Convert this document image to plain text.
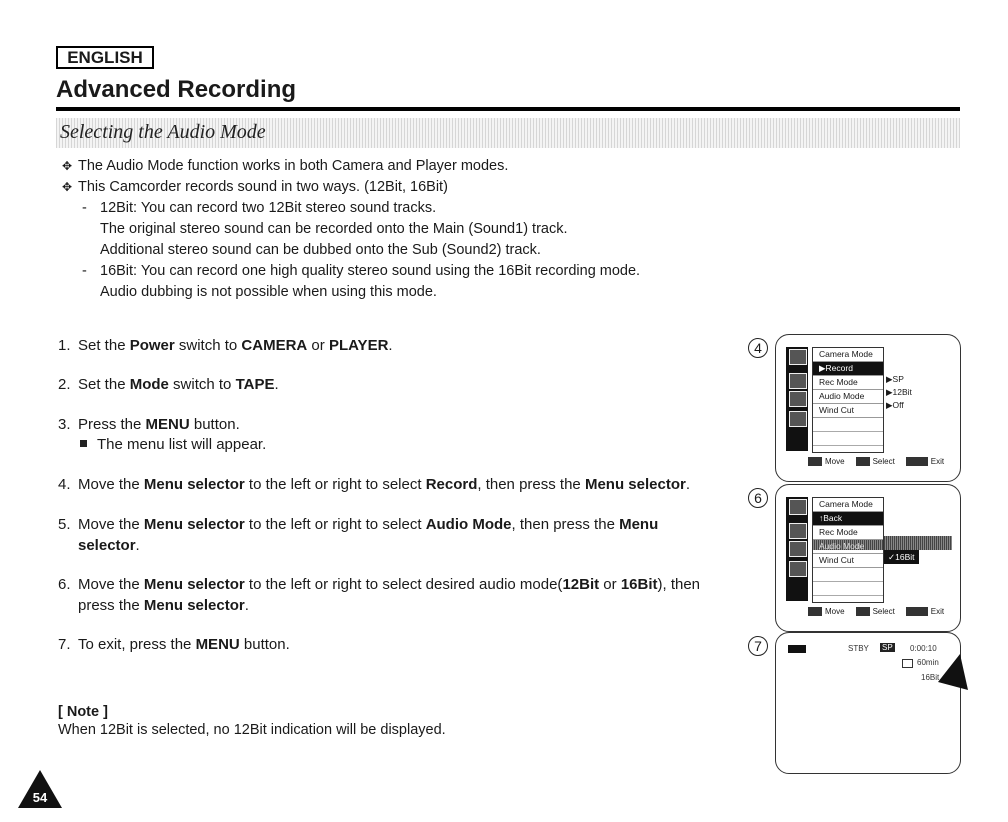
ENGLISH
Advanced Recording
Selecting the Audio Mode
✥ The Audio Mode function works in both Camera and Player modes.
✥ This Camcorder records sound in two ways. (12Bit, 16Bit)
- 12Bit: You can record two 12Bit stereo sound tracks.
The original stereo sound can be recorded onto the Main (Sound1) track.
Additional stereo sound can be dubbed onto the Sub (Sound2) track.
- 16Bit: You can record one high quality stereo sound using the 16Bit recording mode.
Audio dubbing is not possible when using this mode.
1. Set the Power switch to CAMERA or PLAYER.
2. Set the Mode switch to TAPE.
3. Press the MENU button.
The menu list will appear.
4. Move the Menu selector to the left or right to select Record, then press the Menu selector.
5. Move the Menu selector to the left or right to select Audio Mode, then press the Menu
selector.
6. Move the Menu selector to the left or right to select desired audio mode(12Bit or 16Bit), then
press the Menu selector.
7. To exit, press the MENU button.
[ Note ]
When 12Bit is selected, no 12Bit indication will be displayed.
54
4	Camera Mode
▶Record
Rec Mode
Audio Mode
Wind Cut
▶SP
▶12Bit
▶Off
Move	Select	Exit
6	Camera Mode
↑Back
Rec Mode
Audio Mode
Wind Cut	✓16Bit
Move	Select	Exit
7	STBY SP 0:00:10
60min
16Bit
